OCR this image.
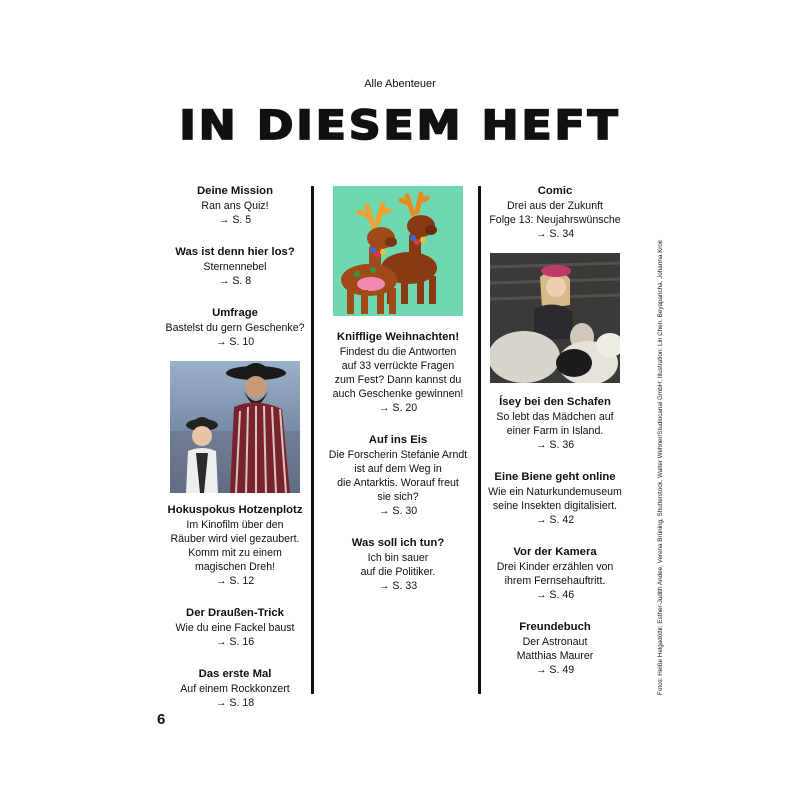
Alle Abenteuer
IN DIESEM HEFT
Deine Mission

Ran ans Quiz!

→ S. 5

Was ist denn hier los?

Sternennebel

→ S. 8

Umfrage

Bastelst du gern Geschenke?

→ S. 10

Hokuspokus Hotzenplotz

Im Kinofilm über den

Räuber wird viel gezaubert.

Komm mit zu einem

magischen Dreh!

→ S. 12

Der Draußen-Trick

Wie du eine Fackel baust

→ S. 16

Das erste Mal

Auf einem Rockkonzert

→ S. 18

Knifflige Weihnachten!

Findest du die Antworten

auf 33 verrückte Fragen

zum Fest? Dann kannst du

auch Geschenke gewinnen!

→ S. 20

Auf ins Eis

Die Forscherin Stefanie Arndt

ist auf dem Weg in

die Antarktis. Worauf freut

sie sich?

→ S. 30

Was soll ich tun?

Ich bin sauer

auf die Politiker.

→ S. 33

Comic

Drei aus der Zukunft

Folge 13: Neujahrswünsche

→ S. 34

Ísey bei den Schafen

So lebt das Mädchen auf

einer Farm in Island.

→ S. 36

Eine Biene geht online

Wie ein Naturkundemuseum

seine Insekten digitalisiert.

→ S. 42

Vor der Kamera

Drei Kinder erzählen von

ihrem Fernsehauftritt.

→ S. 46

Freundebuch

Der Astronaut

Matthias Maurer

→ S. 49

6
Fotos: Heiße Helgadóttir, Esther-Judith Andee, Verena Brüning, Shutterstock, Walter Wehner/Studiocanal GmbH; Illustration: Lin Chen, Beyaparicha, Johanna Kroir
